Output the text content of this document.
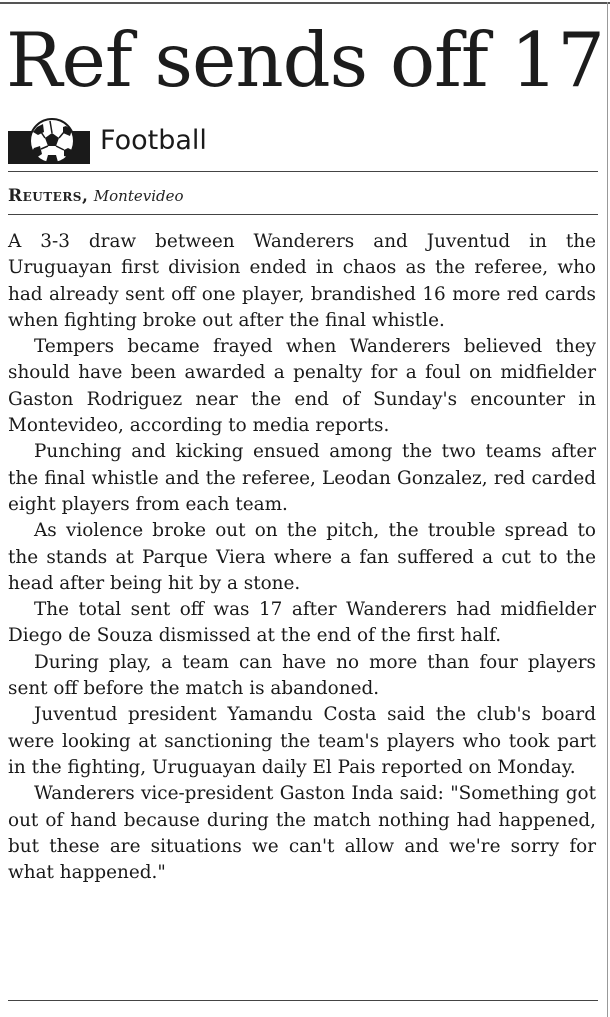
Ref sends off 17
Football
Reuters, Montevideo

A 3-3 draw between Wanderers and Juventud in the Uruguayan first division ended in chaos as the referee, who had already sent off one player, brandished 16 more red cards when fighting broke out after the final whistle.

Tempers became frayed when Wanderers believed they should have been awarded a penalty for a foul on midfielder Gaston Rodriguez near the end of Sunday's encounter in Montevideo, according to media reports.

Punching and kicking ensued among the two teams after the final whistle and the referee, Leodan Gonzalez, red carded eight players from each team.

As violence broke out on the pitch, the trouble spread to the stands at Parque Viera where a fan suffered a cut to the head after being hit by a stone.

The total sent off was 17 after Wanderers had midfielder Diego de Souza dismissed at the end of the first half.

During play, a team can have no more than four players sent off before the match is abandoned.

Juventud president Yamandu Costa said the club's board were looking at sanctioning the team's players who took part in the fighting, Uruguayan daily El Pais reported on Monday.

Wanderers vice-president Gaston Inda said: "Something got out of hand because during the match nothing had happened, but these are situations we can't allow and we're sorry for what happened."
